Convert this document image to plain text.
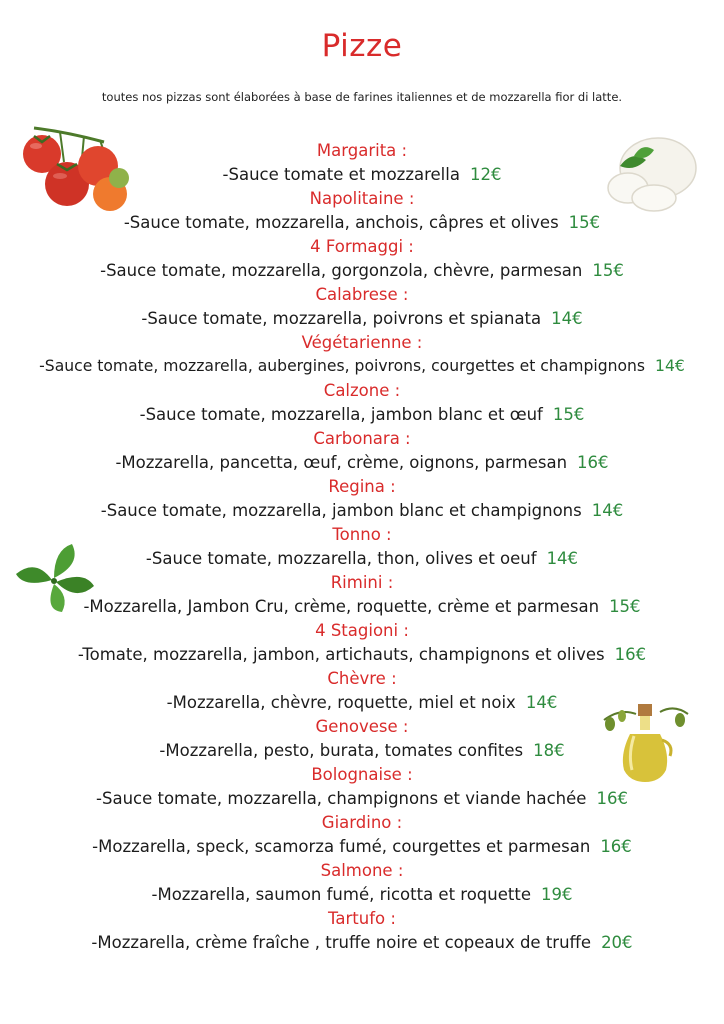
Pizze
toutes nos pizzas sont élaborées à base de farines italiennes et de mozzarella fior di latte.
Margarita :
-Sauce tomate et mozzarella 12€
Napolitaine :
-Sauce tomate, mozzarella, anchois, câpres et olives 15€
4 Formaggi :
-Sauce tomate, mozzarella, gorgonzola, chèvre, parmesan 15€
Calabrese :
-Sauce tomate, mozzarella, poivrons et spianata 14€
Végétarienne :
-Sauce tomate, mozzarella, aubergines, poivrons, courgettes et champignons 14€
Calzone :
-Sauce tomate, mozzarella, jambon blanc et œuf 15€
Carbonara :
-Mozzarella, pancetta, œuf, crème, oignons, parmesan 16€
Regina :
-Sauce tomate, mozzarella, jambon blanc et champignons 14€
Tonno :
-Sauce tomate, mozzarella, thon, olives et oeuf 14€
Rimini :
-Mozzarella, Jambon Cru, crème, roquette, crème et parmesan 15€
4 Stagioni :
-Tomate, mozzarella, jambon, artichauts, champignons et olives 16€
Chèvre :
-Mozzarella, chèvre, roquette, miel et noix 14€
Genovese :
-Mozzarella, pesto, burata, tomates confites 18€
Bolognaise :
-Sauce tomate, mozzarella, champignons et viande hachée 16€
Giardino :
-Mozzarella, speck, scamorza fumé, courgettes et parmesan 16€
Salmone :
-Mozzarella, saumon fumé, ricotta et roquette 19€
Tartufo :
-Mozzarella, crème fraîche , truffe noire et copeaux de truffe 20€
